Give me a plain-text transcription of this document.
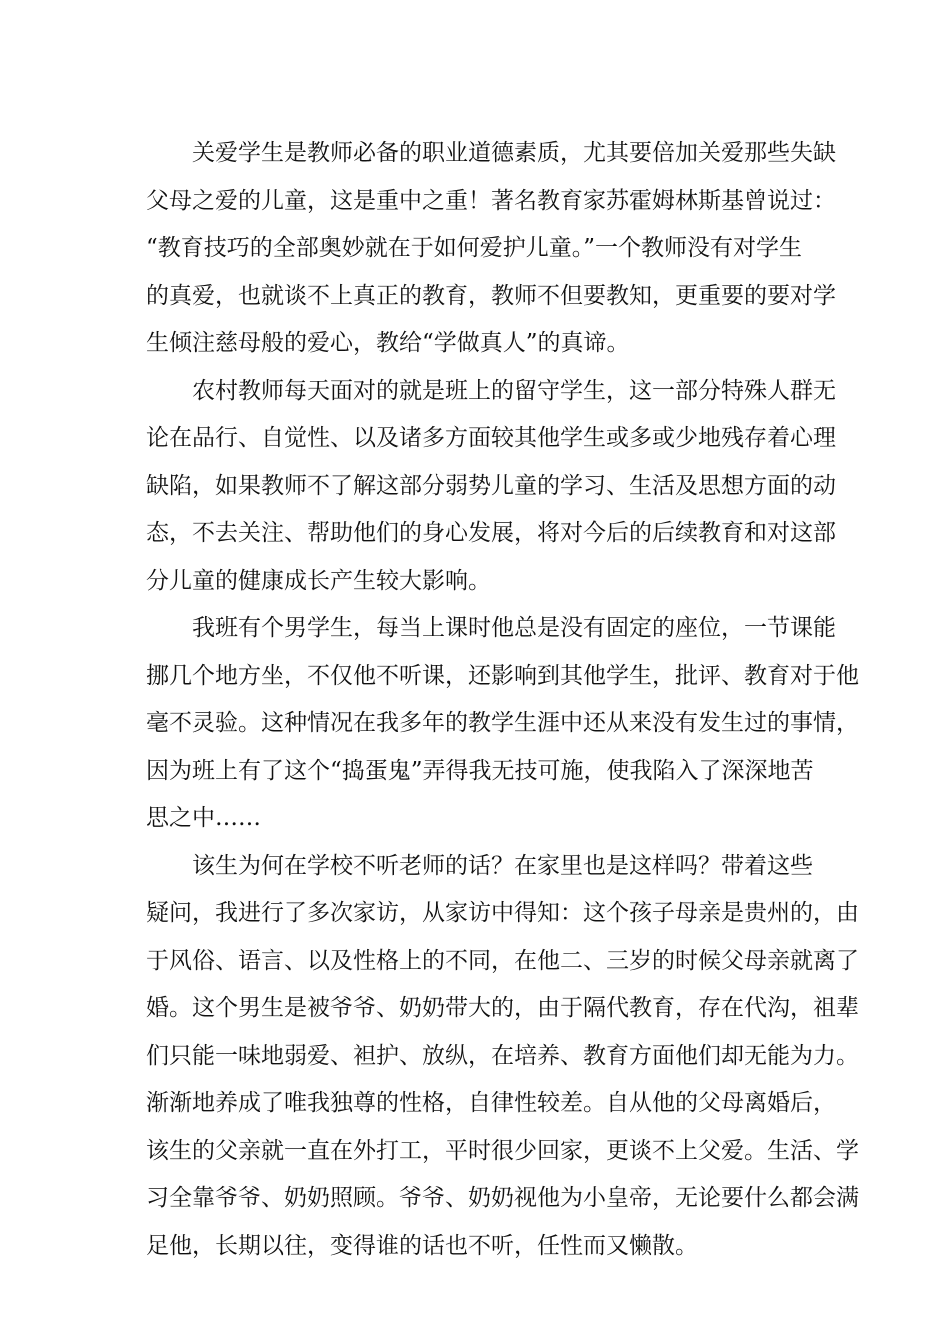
关爱学生是教师必备的职业道德素质，尤其要倍加关爱那些失缺
父母之爱的儿童，这是重中之重！著名教育家苏霍姆林斯基曾说过：
“教育技巧的全部奥妙就在于如何爱护儿童。”一个教师没有对学生
的真爱，也就谈不上真正的教育，教师不但要教知，更重要的要对学
生倾注慈母般的爱心，教给“学做真人”的真谛。
农村教师每天面对的就是班上的留守学生，这一部分特殊人群无
论在品行、自觉性、以及诸多方面较其他学生或多或少地残存着心理
缺陷，如果教师不了解这部分弱势儿童的学习、生活及思想方面的动
态，不去关注、帮助他们的身心发展，将对今后的后续教育和对这部
分儿童的健康成长产生较大影响。
我班有个男学生，每当上课时他总是没有固定的座位，一节课能
挪几个地方坐，不仅他不听课，还影响到其他学生，批评、教育对于他
毫不灵验。这种情况在我多年的教学生涯中还从来没有发生过的事情，
因为班上有了这个“捣蛋鬼”弄得我无技可施，使我陷入了深深地苦
思之中……
该生为何在学校不听老师的话？在家里也是这样吗？带着这些
疑问，我进行了多次家访，从家访中得知：这个孩子母亲是贵州的，由
于风俗、语言、以及性格上的不同，在他二、三岁的时候父母亲就离了
婚。这个男生是被爷爷、奶奶带大的，由于隔代教育，存在代沟，祖辈
们只能一味地弱爱、袒护、放纵，在培养、教育方面他们却无能为力。
渐渐地养成了唯我独尊的性格，自律性较差。自从他的父母离婚后，
该生的父亲就一直在外打工，平时很少回家，更谈不上父爱。生活、学
习全靠爷爷、奶奶照顾。爷爷、奶奶视他为小皇帝，无论要什么都会满
足他，长期以往，变得谁的话也不听，任性而又懒散。
